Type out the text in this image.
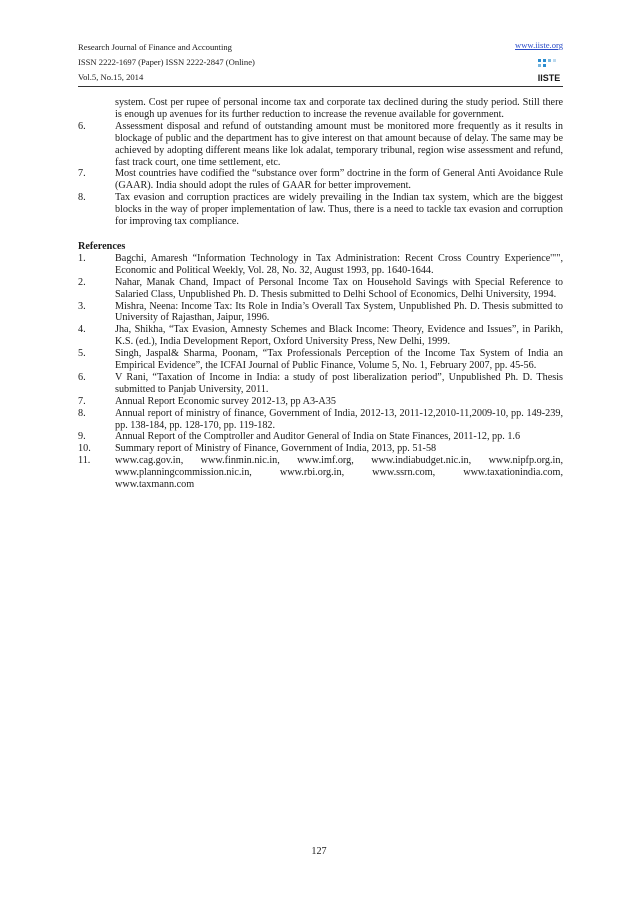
Research Journal of Finance and Accounting
ISSN 2222-1697 (Paper) ISSN 2222-2847 (Online)
Vol.5, No.15, 2014
www.iiste.org
IISTE
system. Cost per rupee of personal income tax and corporate tax declined during the study period. Still there is enough up avenues for its further reduction to increase the revenue available for government.
6.	Assessment disposal and refund of outstanding amount must be monitored more frequently as it results in blockage of public and the department has to give interest on that amount because of delay. The same may be achieved by adopting different means like lok adalat, temporary tribunal, region wise assessment and refund, fast track court, one time settlement, etc.
7.	Most countries have codified the “substance over form” doctrine in the form of General Anti Avoidance Rule (GAAR). India should adopt the rules of GAAR for better improvement.
8.	Tax evasion and corruption practices are widely prevailing in the Indian tax system, which are the biggest blocks in the way of proper implementation of law. Thus, there is a need to tackle tax evasion and corruption for improving tax compliance.
References
1.	Bagchi, Amaresh “Information Technology in Tax Administration: Recent Cross Country Experience'"", Economic and Political Weekly, Vol. 28, No. 32, August 1993, pp. 1640-1644.
2.	Nahar, Manak Chand, Impact of Personal Income Tax on Household Savings with Special Reference to Salaried Class, Unpublished Ph. D. Thesis submitted to Delhi School of Economics, Delhi University, 1994.
3.	Mishra, Neena: Income Tax: Its Role in India’s Overall Tax System, Unpublished Ph. D. Thesis submitted to University of Rajasthan, Jaipur, 1996.
4.	Jha, Shikha, “Tax Evasion, Amnesty Schemes and Black Income: Theory, Evidence and Issues”, in Parikh, K.S. (ed.), India Development Report, Oxford University Press, New Delhi, 1999.
5.	Singh, Jaspal& Sharma, Poonam, “Tax Professionals Perception of the Income Tax System of India an Empirical Evidence”, the ICFAI Journal of Public Finance, Volume 5, No. 1, February 2007, pp. 45-56.
6.	V Rani, “Taxation of Income in India: a study of post liberalization period”, Unpublished Ph. D. Thesis submitted to Panjab University, 2011.
7.	Annual Report Economic survey 2012-13, pp A3-A35
8.	Annual report of ministry of finance, Government of India, 2012-13, 2011-12,2010-11,2009-10, pp. 149-239, pp. 138-184, pp. 128-170, pp. 119-182.
9.	Annual Report of the Comptroller and Auditor General of India on State Finances, 2011-12, pp. 1.6
10.	Summary report of Ministry of Finance, Government of India, 2013, pp. 51-58
11.	www.cag.gov.in, www.finmin.nic.in, www.imf.org, www.indiabudget.nic.in, www.nipfp.org.in, www.planningcommission.nic.in, www.rbi.org.in, www.ssrn.com, www.taxationindia.com, www.taxmann.com
127
